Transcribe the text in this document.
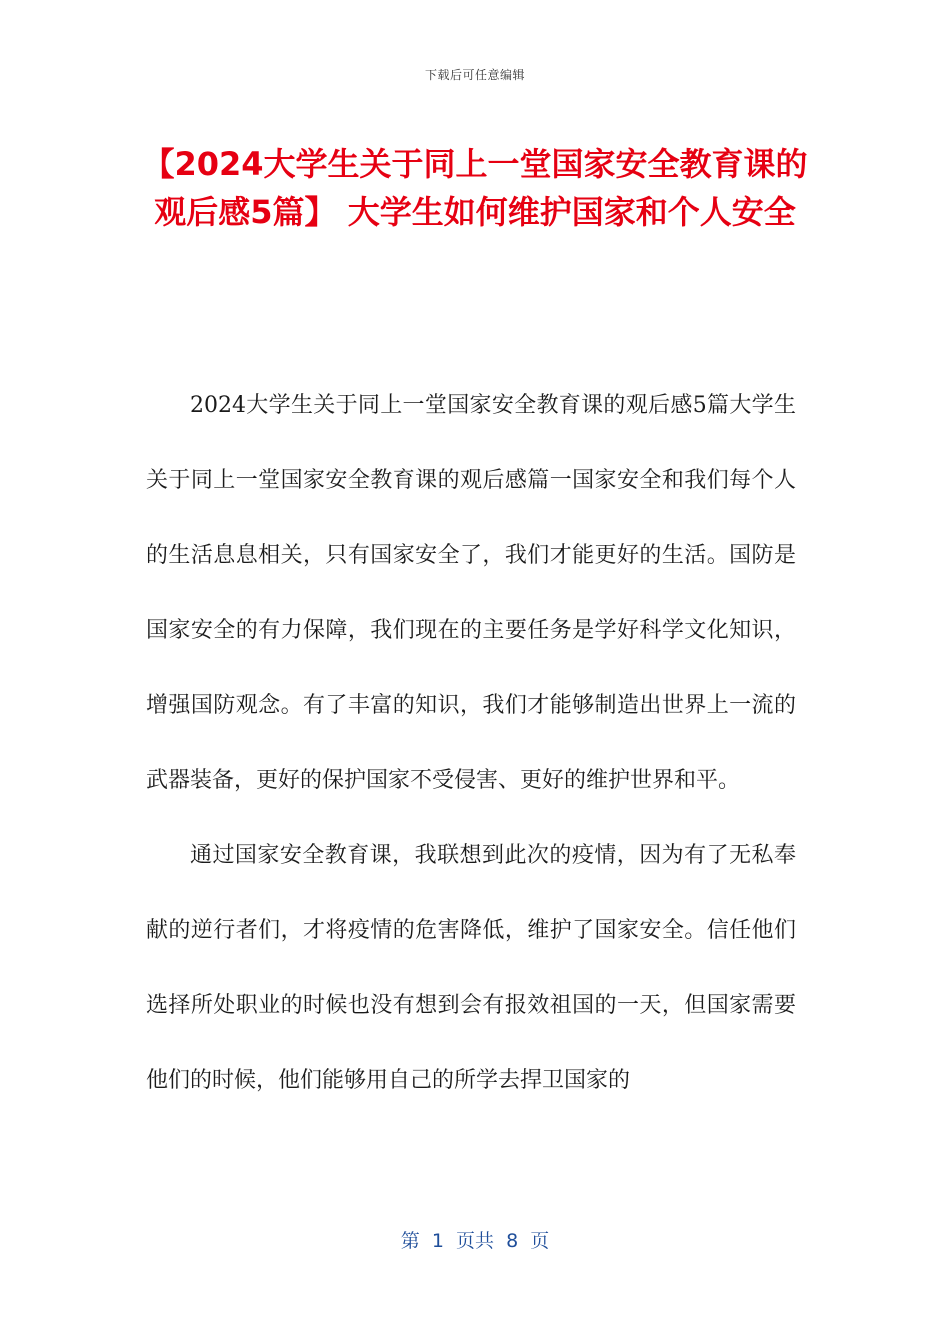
下载后可任意编辑
【2024大学生关于同上一堂国家安全教育课的观后感5篇】 大学生如何维护国家和个人安全

2024大学生关于同上一堂国家安全教育课的观后感5篇大学生关于同上一堂国家安全教育课的观后感篇一国家安全和我们每个人的生活息息相关，只有国家安全了，我们才能更好的生活。国防是国家安全的有力保障，我们现在的主要任务是学好科学文化知识，增强国防观念。有了丰富的知识，我们才能够制造出世界上一流的武器装备，更好的保护国家不受侵害、更好的维护世界和平。

通过国家安全教育课，我联想到此次的疫情，因为有了无私奉献的逆行者们，才将疫情的危害降低，维护了国家安全。信任他们选择所处职业的时候也没有想到会有报效祖国的一天，但国家需要他们的时候，他们能够用自己的所学去捍卫国家的

第  1  页共  8  页
